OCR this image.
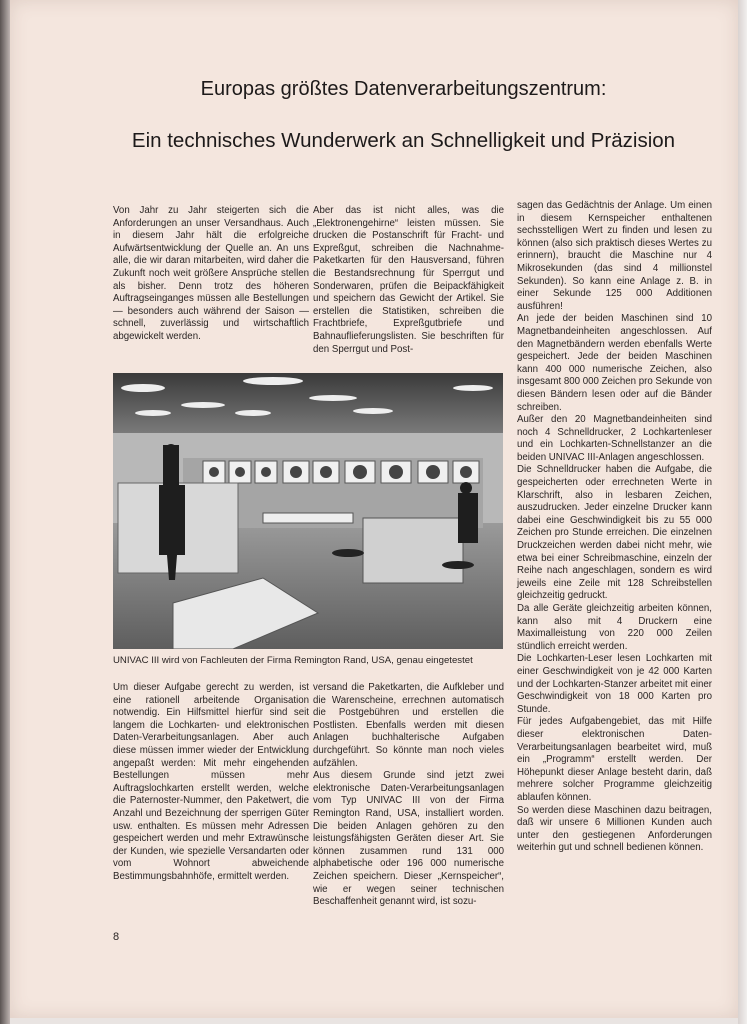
Europas größtes Datenverarbeitungszentrum:
Ein technisches Wunderwerk an Schnelligkeit und Präzision

Von Jahr zu Jahr steigerten sich die Anforderungen an unser Versandhaus. Auch in diesem Jahr hält die erfolgreiche Aufwärtsentwicklung der Quelle an. An uns alle, die wir daran mitarbeiten, wird daher die Zukunft noch weit größere Ansprüche stellen als bisher. Denn trotz des höheren Auftragseinganges müssen alle Bestellungen — besonders auch während der Saison — schnell, zuverlässig und wirtschaftlich abgewickelt werden.

Aber das ist nicht alles, was die „Elektronengehirne“ leisten müssen. Sie drucken die Postanschrift für Fracht- und Expreßgut, schreiben die Nachnahme-Paketkarten für den Hausversand, führen die Bestandsrechnung für Sperrgut und Sonderwaren, prüfen die Beipackfähigkeit und speichern das Gewicht der Artikel. Sie erstellen die Statistiken, schreiben die Frachtbriefe, Expreßgutbriefe und Bahnauflieferungslisten. Sie beschriften für den Sperrgut und Post-

sagen das Gedächtnis der Anlage. Um einen in diesem Kernspeicher enthaltenen sechsstelligen Wert zu finden und lesen zu können (also sich praktisch dieses Wertes zu erinnern), braucht die Maschine nur 4 Mikrosekunden (das sind 4 millionstel Sekunden). So kann eine Anlage z. B. in einer Sekunde 125 000 Additionen ausführen!

An jede der beiden Maschinen sind 10 Magnetbandeinheiten angeschlossen. Auf den Magnetbändern werden ebenfalls Werte gespeichert. Jede der beiden Maschinen kann 400 000 numerische Zeichen, also insgesamt 800 000 Zeichen pro Sekunde von diesen Bändern lesen oder auf die Bänder schreiben.

Außer den 20 Magnetbandeinheiten sind noch 4 Schnelldrucker, 2 Lochkartenleser und ein Lochkarten-Schnellstanzer an die beiden UNIVAC III-Anlagen angeschlossen.

Die Schnelldrucker haben die Aufgabe, die gespeicherten oder errechneten Werte in Klarschrift, also in lesbaren Zeichen, auszudrucken. Jeder einzelne Drucker kann dabei eine Geschwindigkeit bis zu 55 000 Zeichen pro Stunde erreichen. Die einzelnen Druckzeichen werden dabei nicht mehr, wie etwa bei einer Schreibmaschine, einzeln der Reihe nach angeschlagen, sondern es wird jeweils eine Zeile mit 128 Schreibstellen gleichzeitig gedruckt.

Da alle Geräte gleichzeitig arbeiten können, kann also mit 4 Druckern eine Maximalleistung von 220 000 Zeilen stündlich erreicht werden.

Die Lochkarten-Leser lesen Lochkarten mit einer Geschwindigkeit von je 42 000 Karten und der Lochkarten-Stanzer arbeitet mit einer Geschwindigkeit von 18 000 Karten pro Stunde.

Für jedes Aufgabengebiet, das mit Hilfe dieser elektronischen Daten-Verarbeitungsanlagen bearbeitet wird, muß ein „Programm“ erstellt werden. Der Höhepunkt dieser Anlage besteht darin, daß mehrere solcher Programme gleichzeitig ablaufen können.

So werden diese Maschinen dazu beitragen, daß wir unsere 6 Millionen Kunden auch unter den gestiegenen Anforderungen weiterhin gut und schnell bedienen können.

UNIVAC III wird von Fachleuten der Firma Remington Rand, USA, genau eingetestet

Um dieser Aufgabe gerecht zu werden, ist eine rationell arbeitende Organisation notwendig. Ein Hilfsmittel hierfür sind seit langem die Lochkarten- und elektronischen Daten-Verarbeitungsanlagen. Aber auch diese müssen immer wieder der Entwicklung angepaßt werden: Mit mehr eingehenden Bestellungen müssen mehr Auftragslochkarten erstellt werden, welche die Paternoster-Nummer, den Paketwert, die Anzahl und Bezeichnung der sperrigen Güter usw. enthalten. Es müssen mehr Adressen gespeichert werden und mehr Extrawünsche der Kunden, wie spezielle Versandarten oder vom Wohnort abweichende Bestimmungsbahnhöfe, ermittelt werden.

versand die Paketkarten, die Aufkleber und die Warenscheine, errechnen automatisch die Postgebühren und erstellen die Postlisten. Ebenfalls werden mit diesen Anlagen buchhalterische Aufgaben durchgeführt. So könnte man noch vieles aufzählen.

Aus diesem Grunde sind jetzt zwei elektronische Daten-Verarbeitungsanlagen vom Typ UNIVAC III von der Firma Remington Rand, USA, installiert worden. Die beiden Anlagen gehören zu den leistungsfähigsten Geräten dieser Art. Sie können zusammen rund 131 000 alphabetische oder 196 000 numerische Zeichen speichern. Dieser „Kernspeicher“, wie er wegen seiner technischen Beschaffenheit genannt wird, ist sozu-

8
